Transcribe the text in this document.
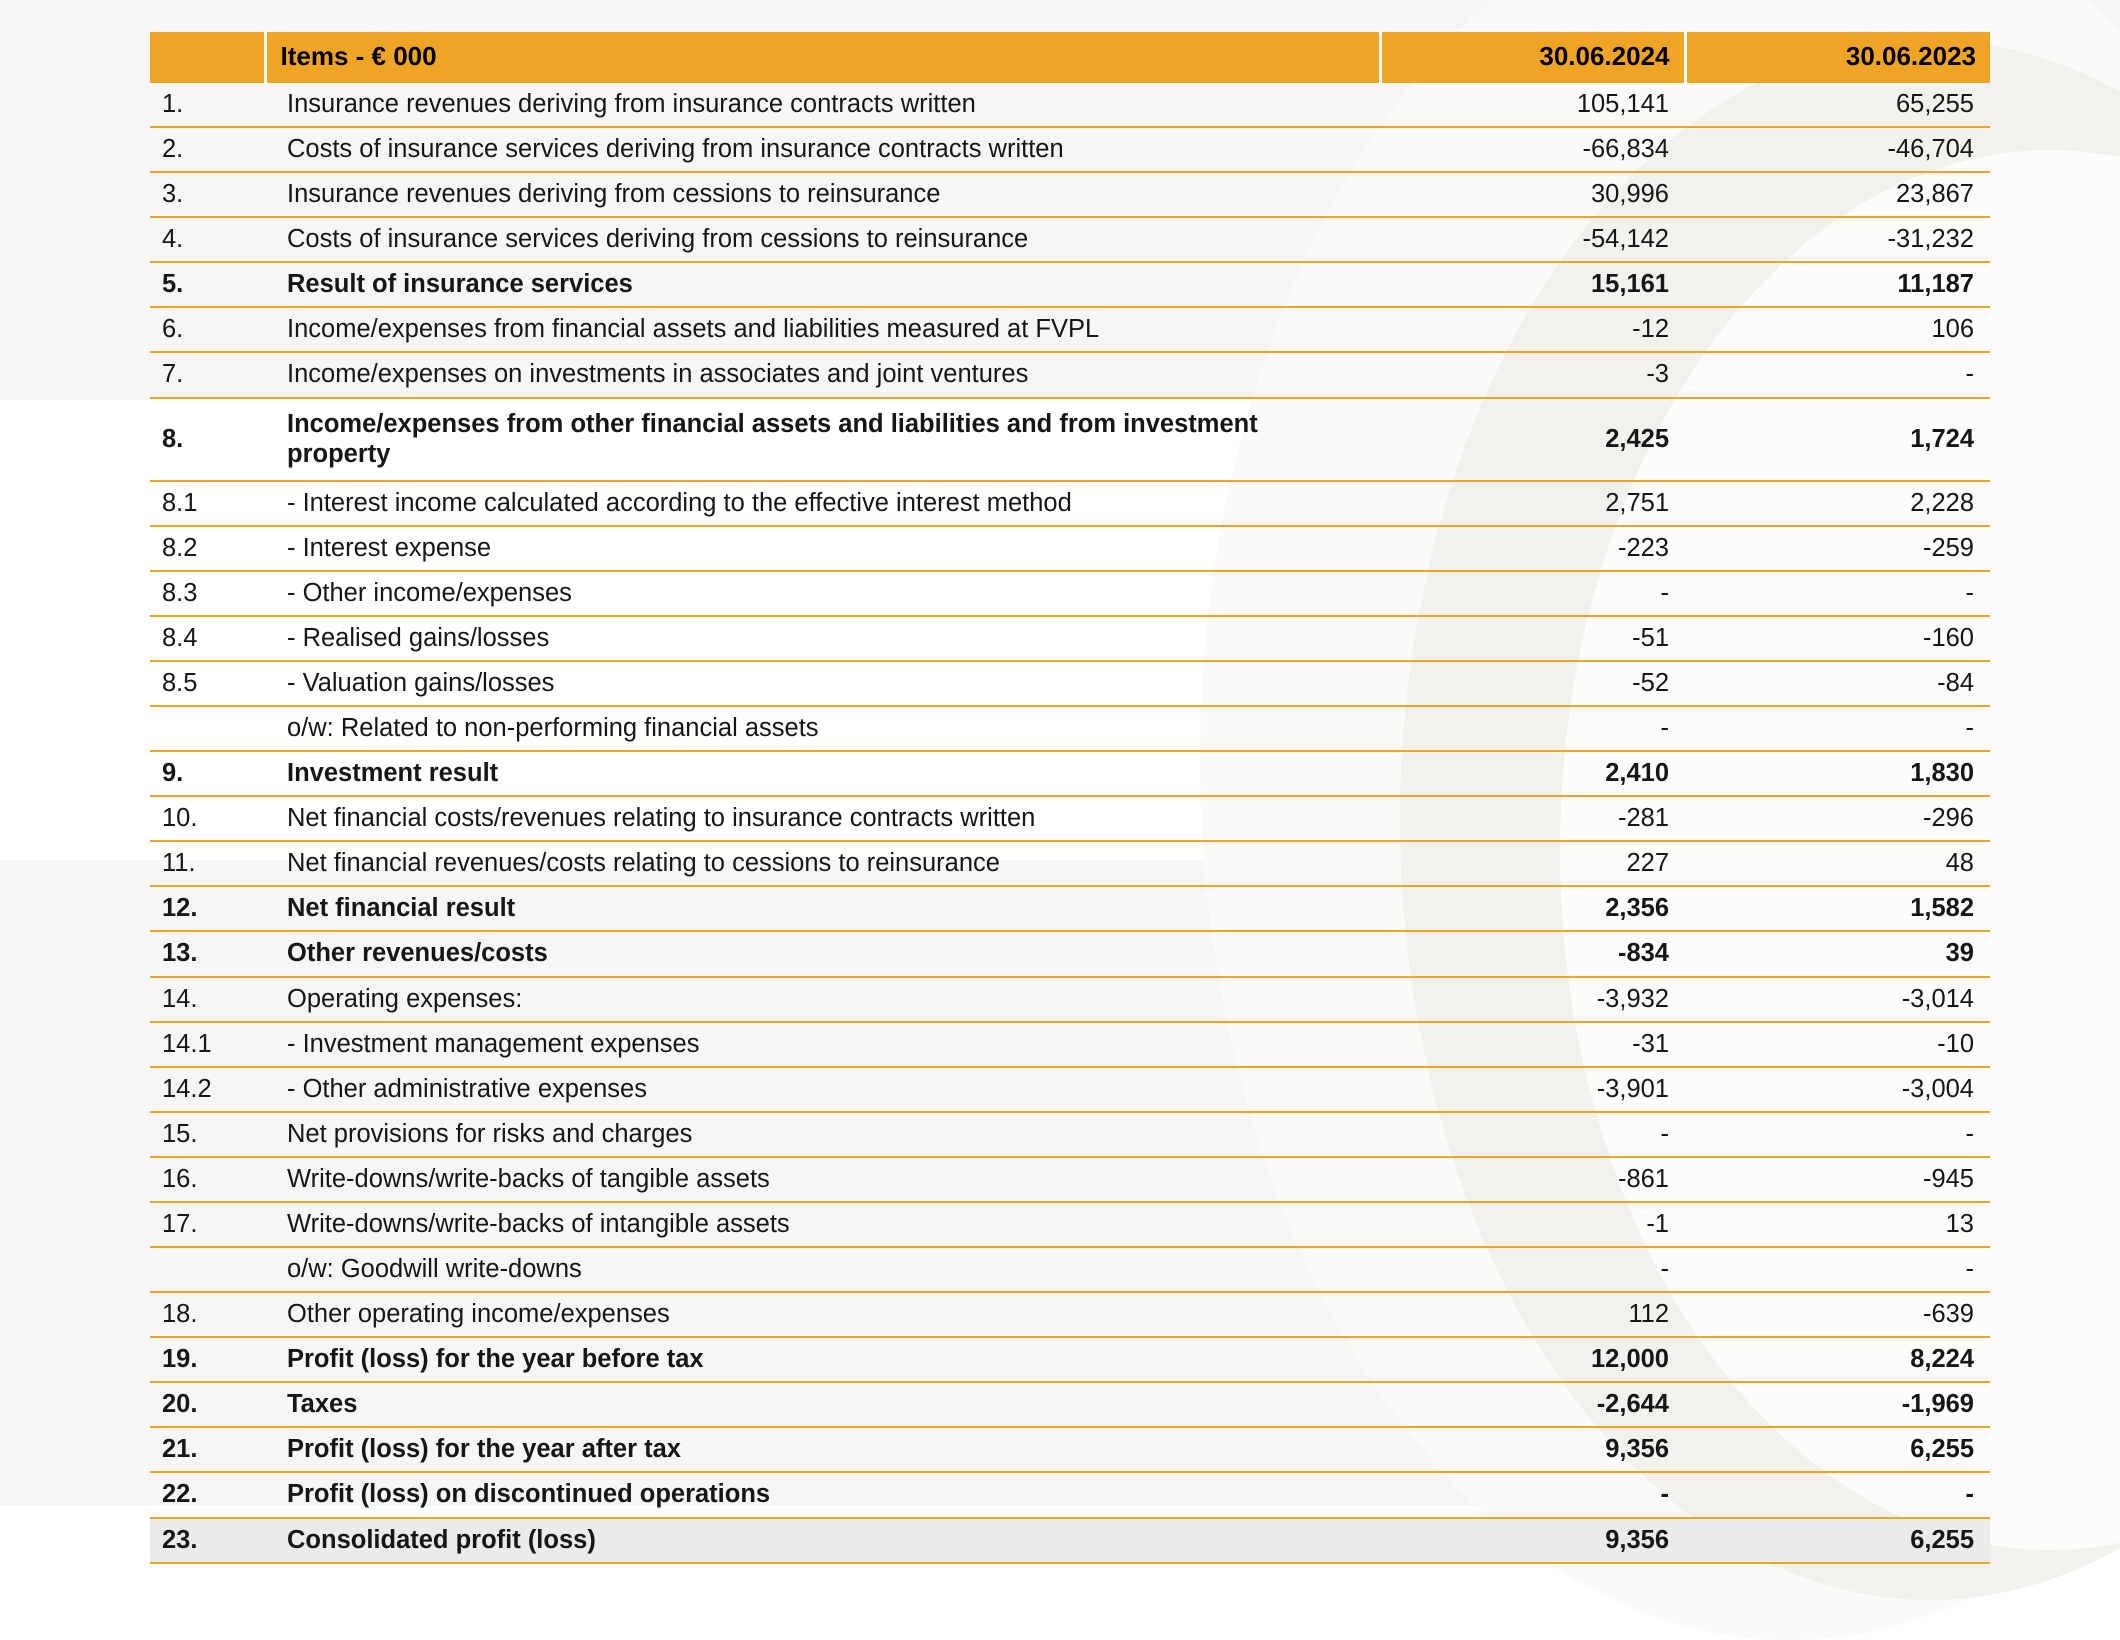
	Items - € 000	30.06.2024	30.06.2023
1.	Insurance revenues deriving from insurance contracts written	105,141	65,255
2.	Costs of insurance services deriving from insurance contracts written	-66,834	-46,704
3.	Insurance revenues deriving from cessions to reinsurance	30,996	23,867
4.	Costs of insurance services deriving from cessions to reinsurance	-54,142	-31,232
5.	Result of insurance services	15,161	11,187
6.	Income/expenses from financial assets and liabilities measured at FVPL	-12	106
7.	Income/expenses on investments in associates and joint ventures	-3	-
8.	Income/expenses from other financial assets and liabilities and from investment property	2,425	1,724
8.1	- Interest income calculated according to the effective interest method	2,751	2,228
8.2	- Interest expense	-223	-259
8.3	- Other income/expenses	-	-
8.4	- Realised gains/losses	-51	-160
8.5	- Valuation gains/losses	-52	-84
	o/w: Related to non-performing financial assets	-	-
9.	Investment result	2,410	1,830
10.	Net financial costs/revenues relating to insurance contracts written	-281	-296
11.	Net financial revenues/costs relating to cessions to reinsurance	227	48
12.	Net financial result	2,356	1,582
13.	Other revenues/costs	-834	39
14.	Operating expenses:	-3,932	-3,014
14.1	- Investment management expenses	-31	-10
14.2	- Other administrative expenses	-3,901	-3,004
15.	Net provisions for risks and charges	-	-
16.	Write-downs/write-backs of tangible assets	-861	-945
17.	Write-downs/write-backs of intangible assets	-1	13
	o/w: Goodwill write-downs	-	-
18.	Other operating income/expenses	112	-639
19.	Profit (loss) for the year before tax	12,000	8,224
20.	Taxes	-2,644	-1,969
21.	Profit (loss) for the year after tax	9,356	6,255
22.	Profit (loss) on discontinued operations	-	-
23.	Consolidated profit (loss)	9,356	6,255
